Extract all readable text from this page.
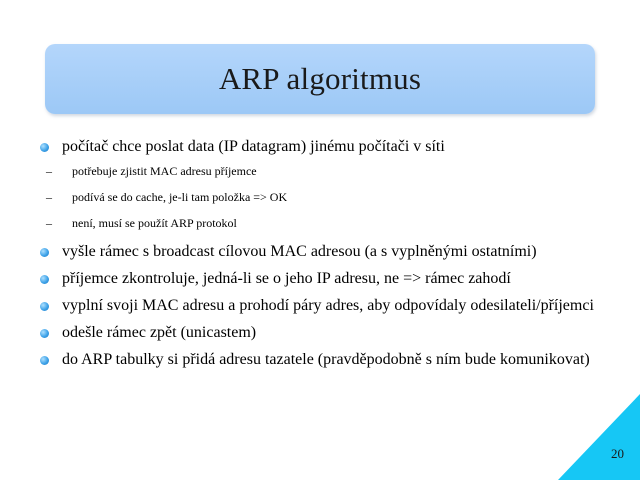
ARP algoritmus
počítač chce poslat data (IP datagram) jinému počítači v síti
– potřebuje zjistit MAC adresu příjemce
– podívá se do cache, je-li tam položka => OK
– není, musí se použít ARP protokol
vyšle rámec s broadcast cílovou MAC adresou (a s vyplněnými ostatními)
příjemce zkontroluje, jedná-li se o jeho IP adresu, ne => rámec zahodí
vyplní svoji MAC adresu a prohodí páry adres, aby odpovídaly odesilateli/příjemci
odešle rámec zpět (unicastem)
do ARP tabulky si přidá adresu tazatele (pravděpodobně s ním bude komunikovat)
20
